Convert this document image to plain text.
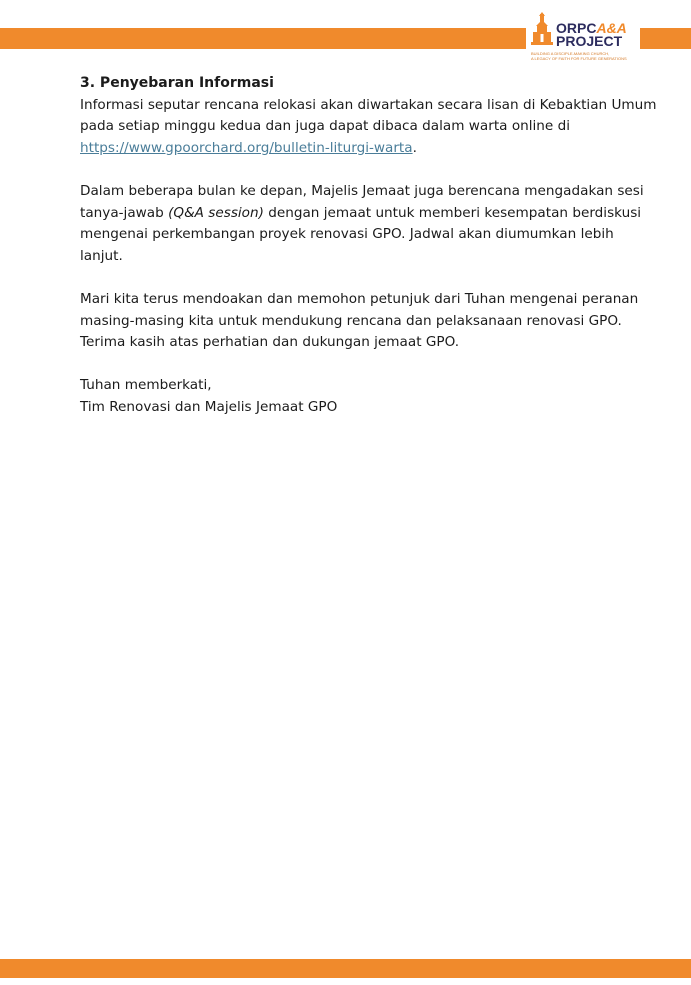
ORPCA&A
PROJECT
BUILDING A DISCIPLE-MAKING CHURCH,
A LEGACY OF FAITH FOR FUTURE GENERATIONS
3. Penyebaran Informasi

Informasi seputar rencana relokasi akan diwartakan secara lisan di Kebaktian Umum pada setiap minggu kedua dan juga dapat dibaca dalam warta online di https://www.gpoorchard.org/bulletin-liturgi-warta.

Dalam beberapa bulan ke depan, Majelis Jemaat juga berencana mengadakan sesi tanya-jawab (Q&A session) dengan jemaat untuk memberi kesempatan berdiskusi mengenai perkembangan proyek renovasi GPO. Jadwal akan diumumkan lebih lanjut.

Mari kita terus mendoakan dan memohon petunjuk dari Tuhan mengenai peranan masing-masing kita untuk mendukung rencana dan pelaksanaan renovasi GPO. Terima kasih atas perhatian dan dukungan jemaat GPO.

Tuhan memberkati,
Tim Renovasi dan Majelis Jemaat GPO
